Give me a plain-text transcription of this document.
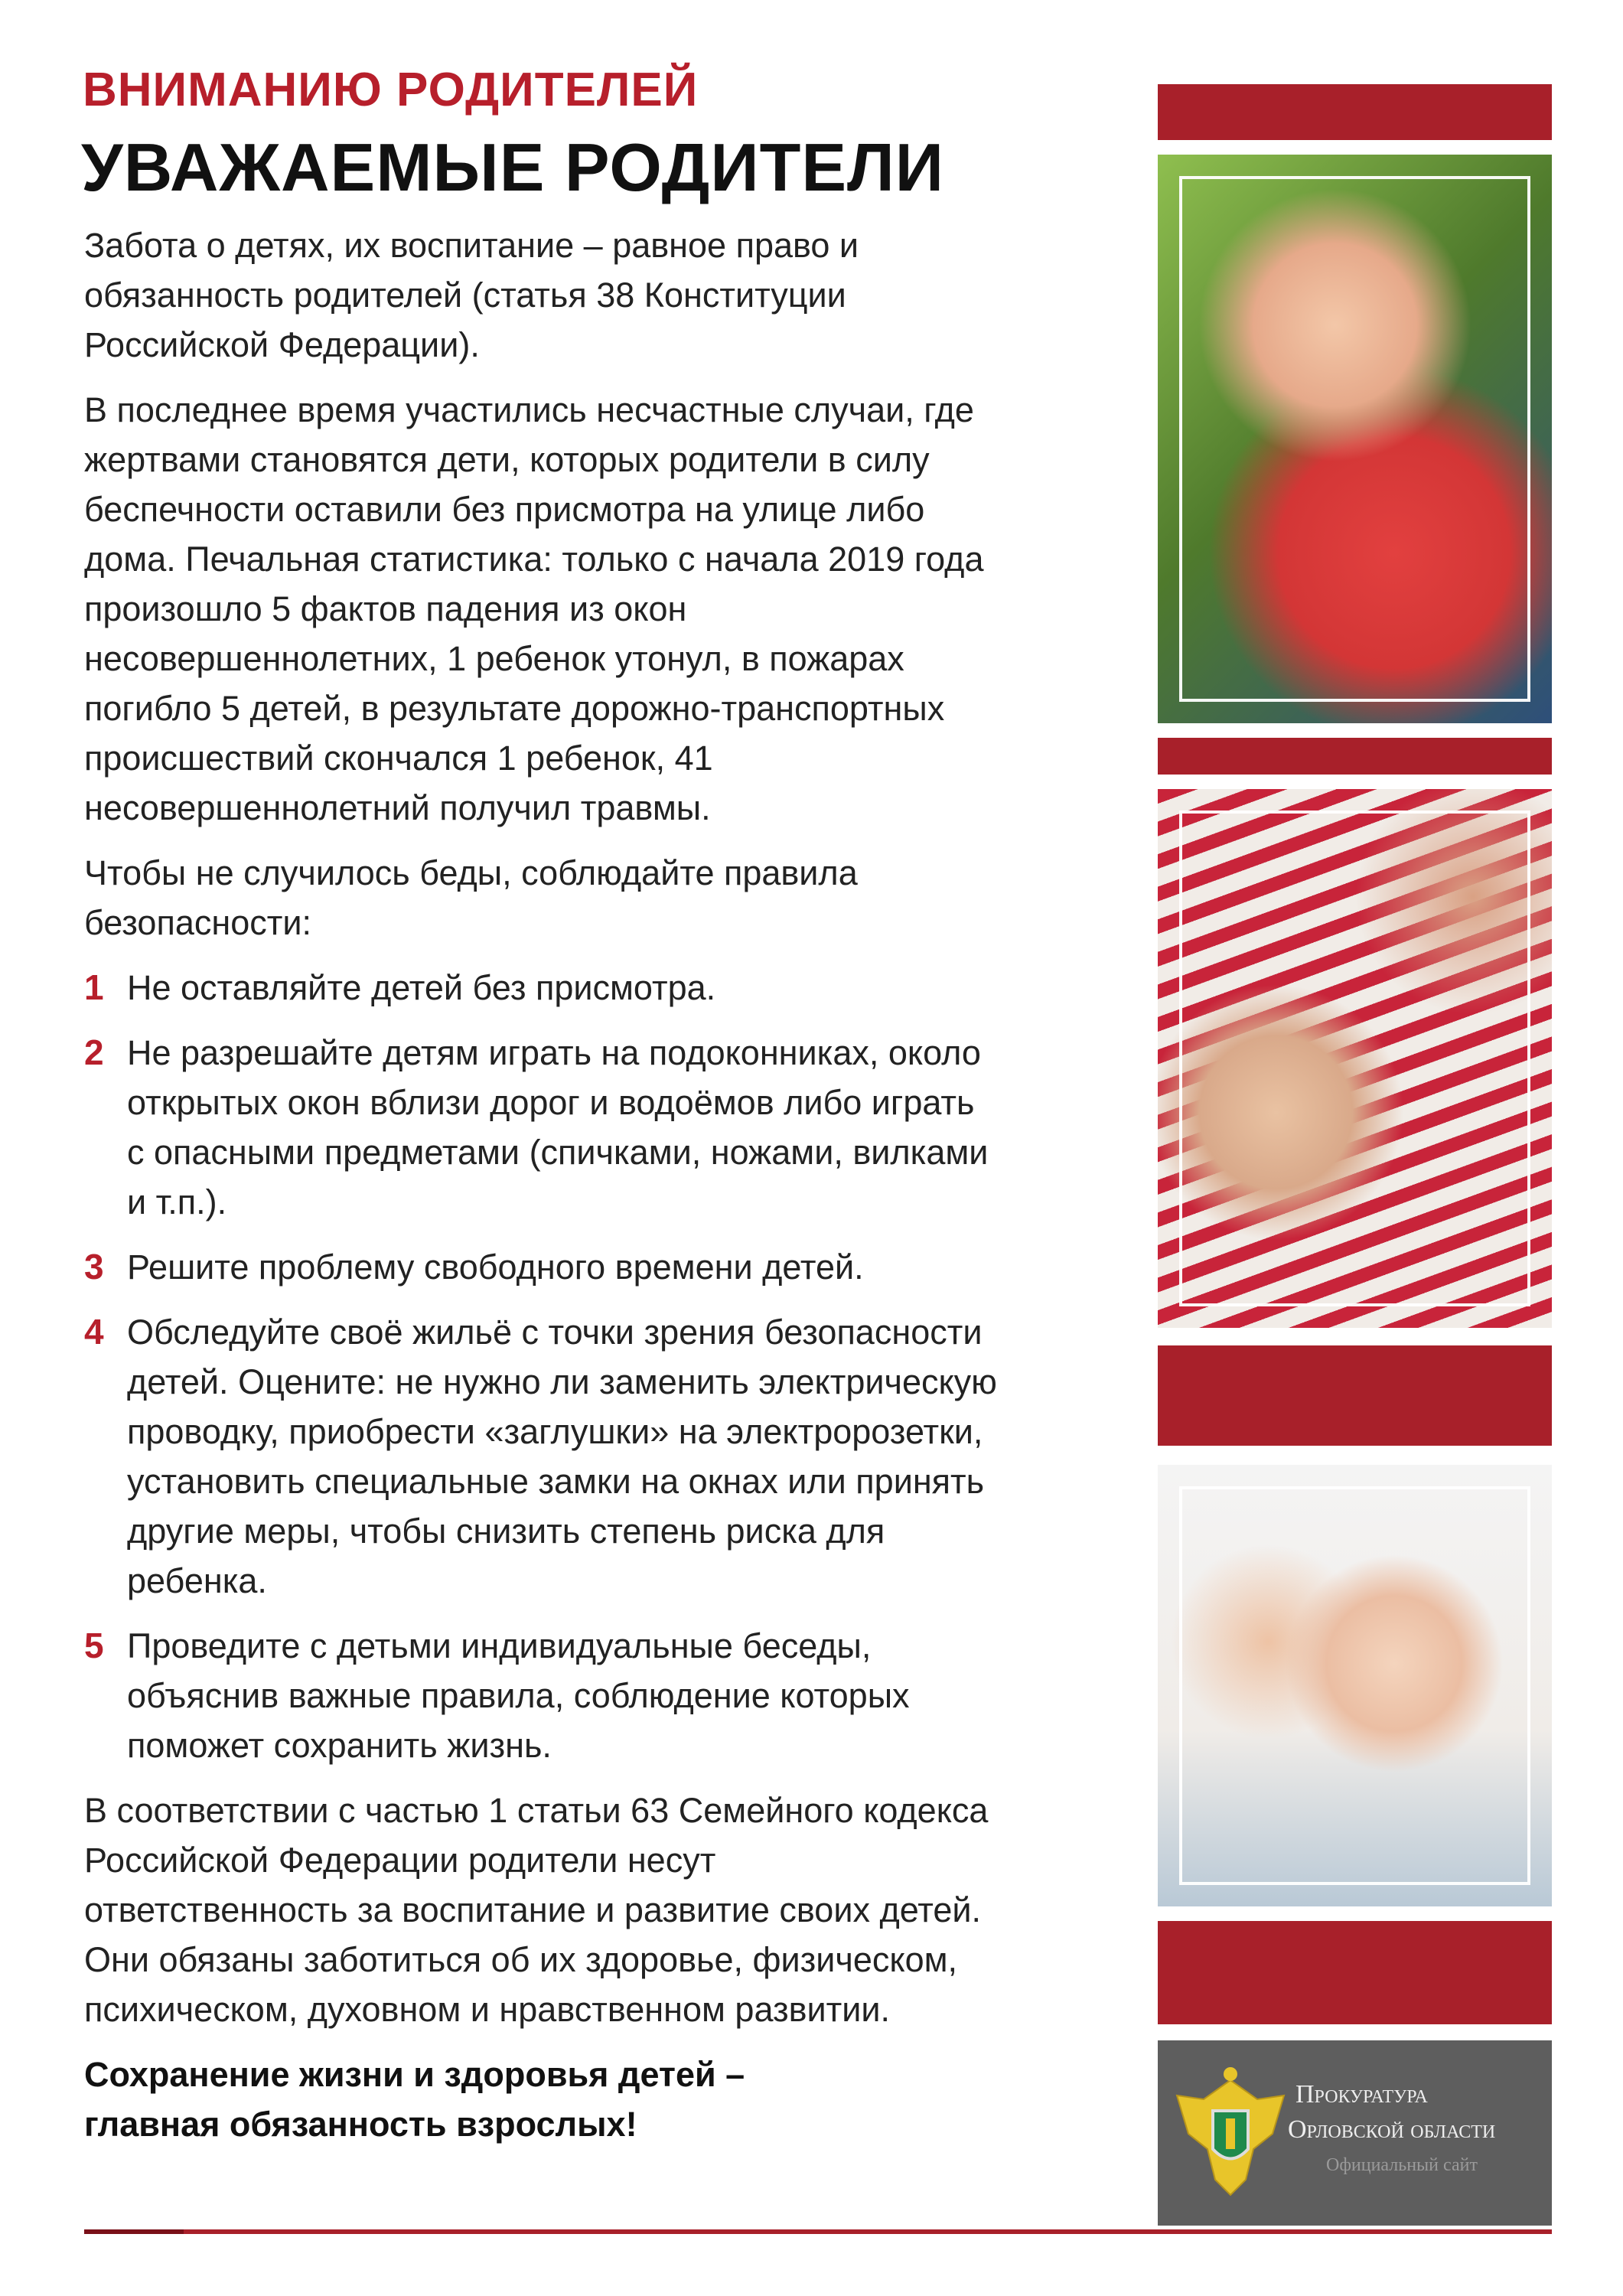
ВНИМАНИЮ РОДИТЕЛЕЙ
УВАЖАЕМЫЕ РОДИТЕЛИ

Забота о детях, их воспитание – равное право и
обязанность родителей (статья 38 Конституции
Российской Федерации).

В последнее время участились несчастные случаи, где
жертвами становятся дети, которых родители в силу
беспечности оставили без присмотра на улице либо
дома. Печальная статистика: только с начала 2019 года
произошло 5 фактов падения из окон
несовершеннолетних, 1 ребенок утонул, в пожарах
погибло 5 детей, в результате дорожно-транспортных
происшествий скончался 1 ребенок, 41
несовершеннолетний получил травмы.

Чтобы не случилось беды, соблюдайте правила
безопасности:

1 Не оставляйте детей без присмотра.
2 Не разрешайте детям играть на подоконниках, около
открытых окон вблизи дорог и водоёмов либо играть
с опасными предметами (спичками, ножами, вилками
и т.п.).
3 Решите проблему свободного времени детей.
4 Обследуйте своё жильё с точки зрения безопасности
детей. Оцените: не нужно ли заменить электрическую
проводку, приобрести «заглушки» на электророзетки,
установить специальные замки на окнах или принять
другие меры, чтобы снизить степень риска для
ребенка.
5 Проведите с детьми индивидуальные беседы,
объяснив важные правила, соблюдение которых
поможет сохранить жизнь.

В соответствии с частью 1 статьи 63 Семейного кодекса
Российской Федерации родители несут
ответственность за воспитание и развитие своих детей.
Они обязаны заботиться об их здоровье, физическом,
психическом, духовном и нравственном развитии.

Сохранение жизни и здоровья детей –
главная обязанность взрослых!

Прокуратура
Орловской области
Официальный сайт
